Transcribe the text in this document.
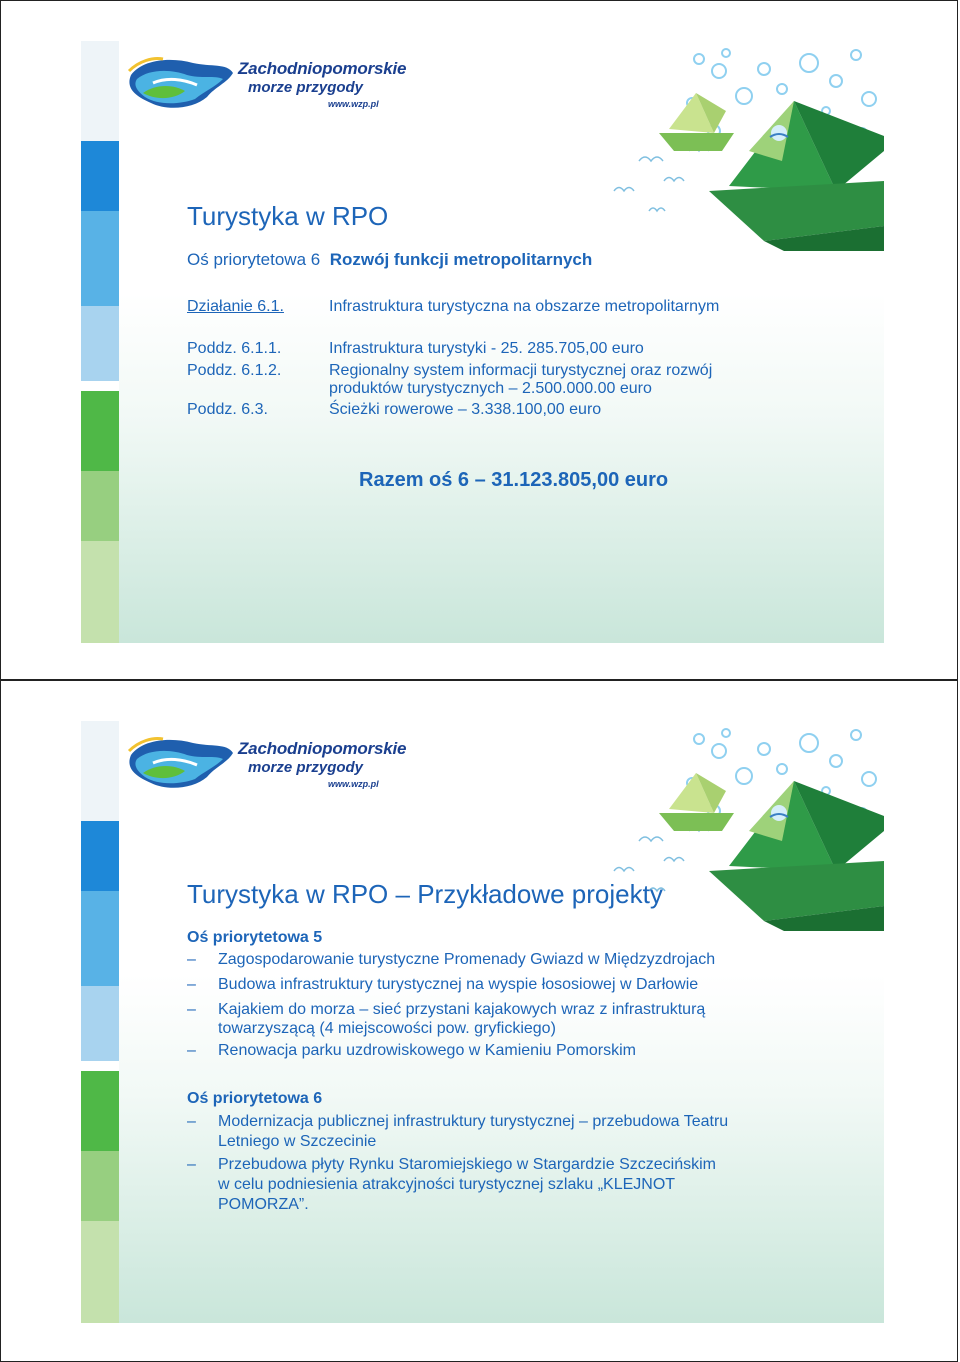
Zachodniopomorskie
morze przygody
www.wzp.pl
Turystyka w RPO
Oś priorytetowa 6 Rozwój funkcji metropolitarnych
Działanie 6.1.	Infrastruktura turystyczna na obszarze metropolitarnym
Poddz. 6.1.1.	Infrastruktura turystyki - 25. 285.705,00 euro
Poddz. 6.1.2.	Regionalny system informacji turystycznej oraz rozwój
produktów turystycznych – 2.500.000.00 euro
Poddz. 6.3.	Ścieżki rowerowe – 3.338.100,00 euro
Razem oś 6 – 31.123.805,00 euro
Zachodniopomorskie
morze przygody
www.wzp.pl
Turystyka w RPO – Przykładowe projekty
Oś priorytetowa 5
– Zagospodarowanie turystyczne Promenady Gwiazd w Międzyzdrojach
– Budowa infrastruktury turystycznej na wyspie łososiowej w Darłowie
– Kajakiem do morza – sieć przystani kajakowych wraz z infrastrukturą
towarzyszącą (4 miejscowości pow. gryfickiego)
– Renowacja parku uzdrowiskowego w Kamieniu Pomorskim
Oś priorytetowa 6
– Modernizacja publicznej infrastruktury turystycznej – przebudowa Teatru
Letniego w Szczecinie
– Przebudowa płyty Rynku Staromiejskiego w Stargardzie Szczecińskim
w celu podniesienia atrakcyjności turystycznej szlaku „KLEJNOT
POMORZA”.
